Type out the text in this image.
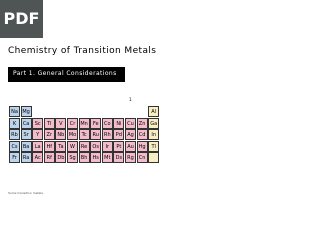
PDF
Chemistry of Transition Metals
Part 1. General Considerations
1
Na Mg	Al
K	Ca	Sc	Ti	V	Cr	Mn	Fe	Co	Ni	Cu Zn Ga
Rb	Sr	Y	Zr	Nb Mo	Tc	Ru	Rh	Pd	Ag Cd	In
Cs	Ba	La	Hf	Ta	W	Re	Os	Ir	Pt	Au Hg	Tl
Fr	Ra	Ac	Rf	Db Sg	Bh	Hs	Mt	Ds	Rg Cn
Some transition metals
